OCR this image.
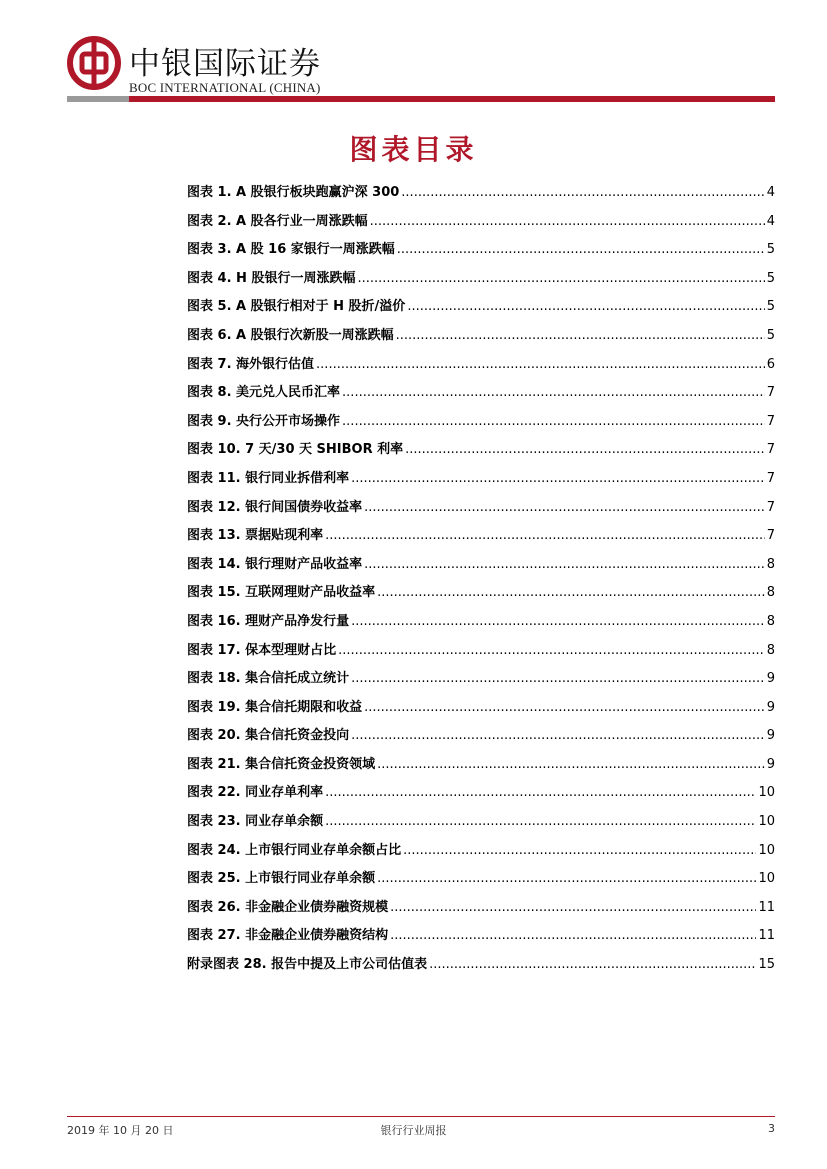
中银国际证券
BOC INTERNATIONAL (CHINA)
图表目录
图表 1. A 股银行板块跑赢沪深 300 .....	4
图表 2. A 股各行业一周涨跌幅 .....	4
图表 3. A 股 16 家银行一周涨跌幅 .....	5
图表 4. H 股银行一周涨跌幅 .....	5
图表 5. A 股银行相对于 H 股折/溢价 .....	5
图表 6. A 股银行次新股一周涨跌幅 .....	5
图表 7. 海外银行估值 .....	6
图表 8. 美元兑人民币汇率 .....	7
图表 9. 央行公开市场操作 .....	7
图表 10. 7 天/30 天 SHIBOR 利率 .....	7
图表 11. 银行同业拆借利率 .....	7
图表 12. 银行间国债券收益率 .....	7
图表 13. 票据贴现利率 .....	7
图表 14. 银行理财产品收益率 .....	8
图表 15. 互联网理财产品收益率 .....	8
图表 16. 理财产品净发行量 .....	8
图表 17. 保本型理财占比 .....	8
图表 18. 集合信托成立统计 .....	9
图表 19. 集合信托期限和收益 .....	9
图表 20. 集合信托资金投向 .....	9
图表 21. 集合信托资金投资领域 .....	9
图表 22. 同业存单利率 .....	10
图表 23. 同业存单余额 .....	10
图表 24. 上市银行同业存单余额占比 .....	10
图表 25. 上市银行同业存单余额 .....	10
图表 26. 非金融企业债券融资规模 .....	11
图表 27. 非金融企业债券融资结构 .....	11
附录图表 28. 报告中提及上市公司估值表 .....	15
2019 年 10 月 20 日	银行行业周报	3
